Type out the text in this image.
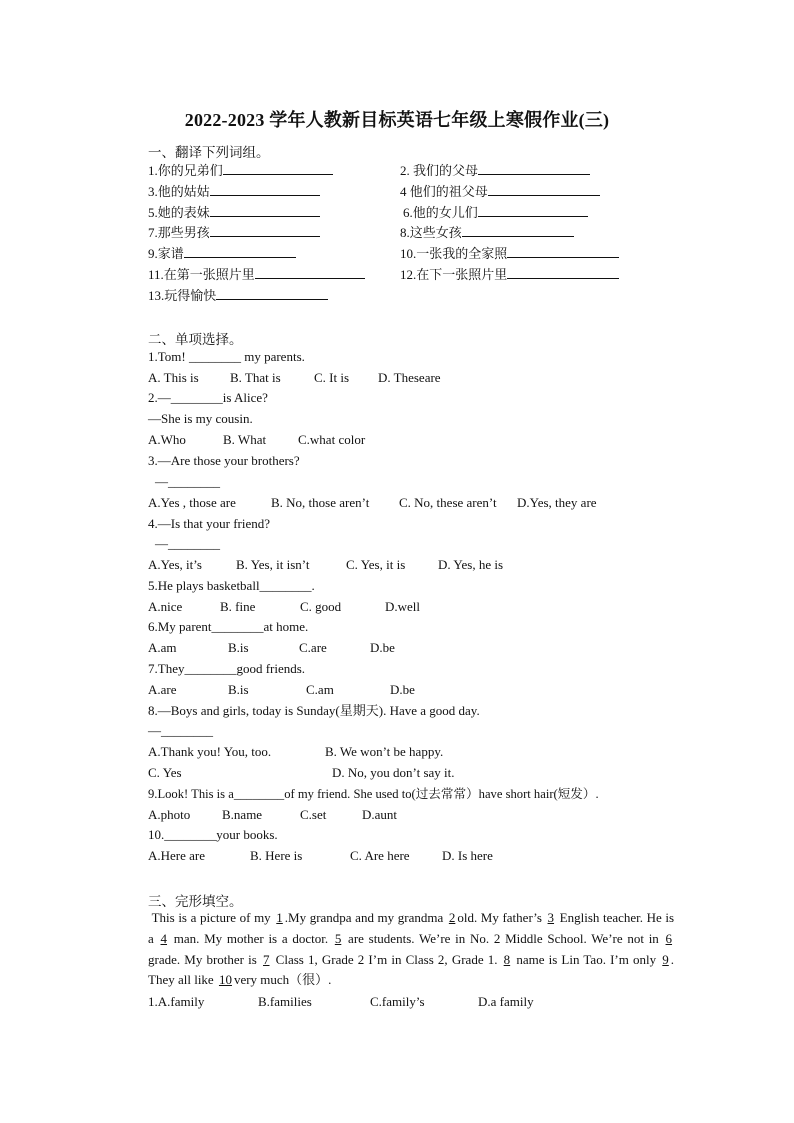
2022-2023 学年人教新目标英语七年级上寒假作业(三)
一、翻译下列词组。
1.你的兄弟们	2. 我们的父母
3.他的姑姑	4 他们的祖父母
5.她的表妹	6.他的女儿们
7.那些男孩	8.这些女孩
9.家谱	10.一张我的全家照
11.在第一张照片里	12.在下一张照片里
13.玩得愉快
二、单项选择。
1.Tom! ________ my parents.
A. This is B. That is	C. It is D. Theseare
2.—________is Alice?
—She is my cousin.
A.Who	B. What C.what color
3.—Are those your brothers?
—________
A.Yes , those are	B. No, those aren’t C. No, these aren’t D.Yes, they are
4.—Is that your friend?
—________
A.Yes, it’s	B. Yes, it isn’t	C. Yes, it is	D. Yes, he is
5.He plays basketball________.
A.nice	B. fine	C. good	D.well
6.My parent________at home.
A.am	B.is	C.are	D.be
7.They________good friends.
A.are	B.is	C.am	D.be
8.—Boys and girls, today is Sunday(星期天). Have a good day.
—________
A.Thank you! You, too.	B. We won’t be happy.
C. Yes	D. No, you don’t say it.
9.Look! This is a________of my friend. She used to(过去常常）have short hair(短发）.
A.photo B.name	C.set	D.aunt
10.________your books.
A.Here are	B. Here is	C. Are here D. Is here
三、完形填空。
This is a picture of my 1 .My grandpa and my grandma 2 old. My father’s 3 English teacher. He is a 4 man. My mother is a doctor. 5 are students. We’re in No. 2 Middle School. We’re not in 6 grade. My brother is 7 Class 1, Grade 2 I’m in Class 2, Grade 1. 8 name is Lin Tao. I’m only 9 . They all like 10 very much（很）.
1.A.family	B.families	C.family’s	D.a family
